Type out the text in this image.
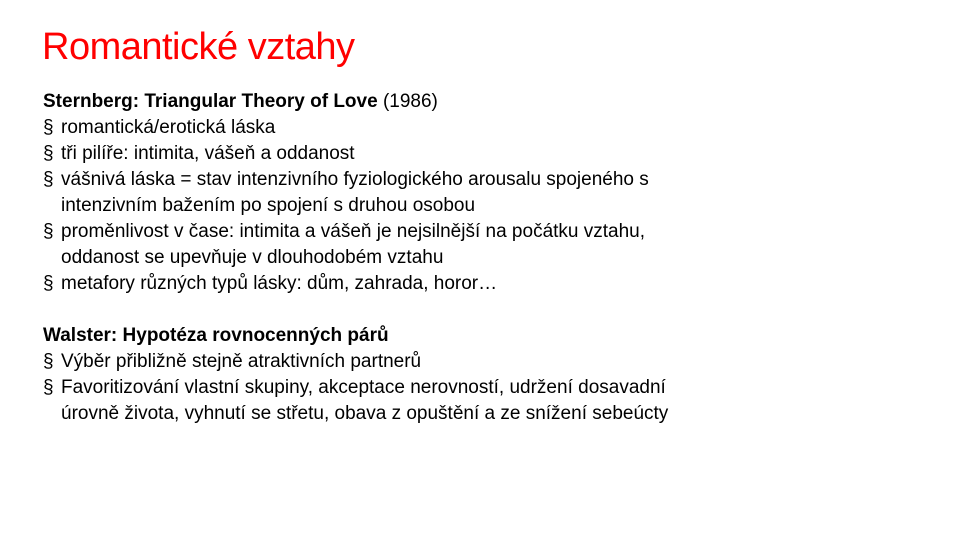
Romantické vztahy

Sternberg: Triangular Theory of Love (1986)

§ romantická/erotická láska

§ tři pilíře: intimita, vášeň a oddanost

§ vášnivá láska = stav intenzivního fyziologického arousalu spojeného s
intenzivním bažením po spojení s druhou osobou

§ proměnlivost v čase: intimita a vášeň je nejsilnější na počátku vztahu,
oddanost se upevňuje v dlouhodobém vztahu

§ metafory různých typů lásky: dům, zahrada, horor…

Walster: Hypotéza rovnocenných párů

§ Výběr přibližně stejně atraktivních partnerů

§ Favoritizování vlastní skupiny, akceptace nerovností, udržení dosavadní
úrovně života, vyhnutí se střetu, obava z opuštění a ze snížení sebeúcty
